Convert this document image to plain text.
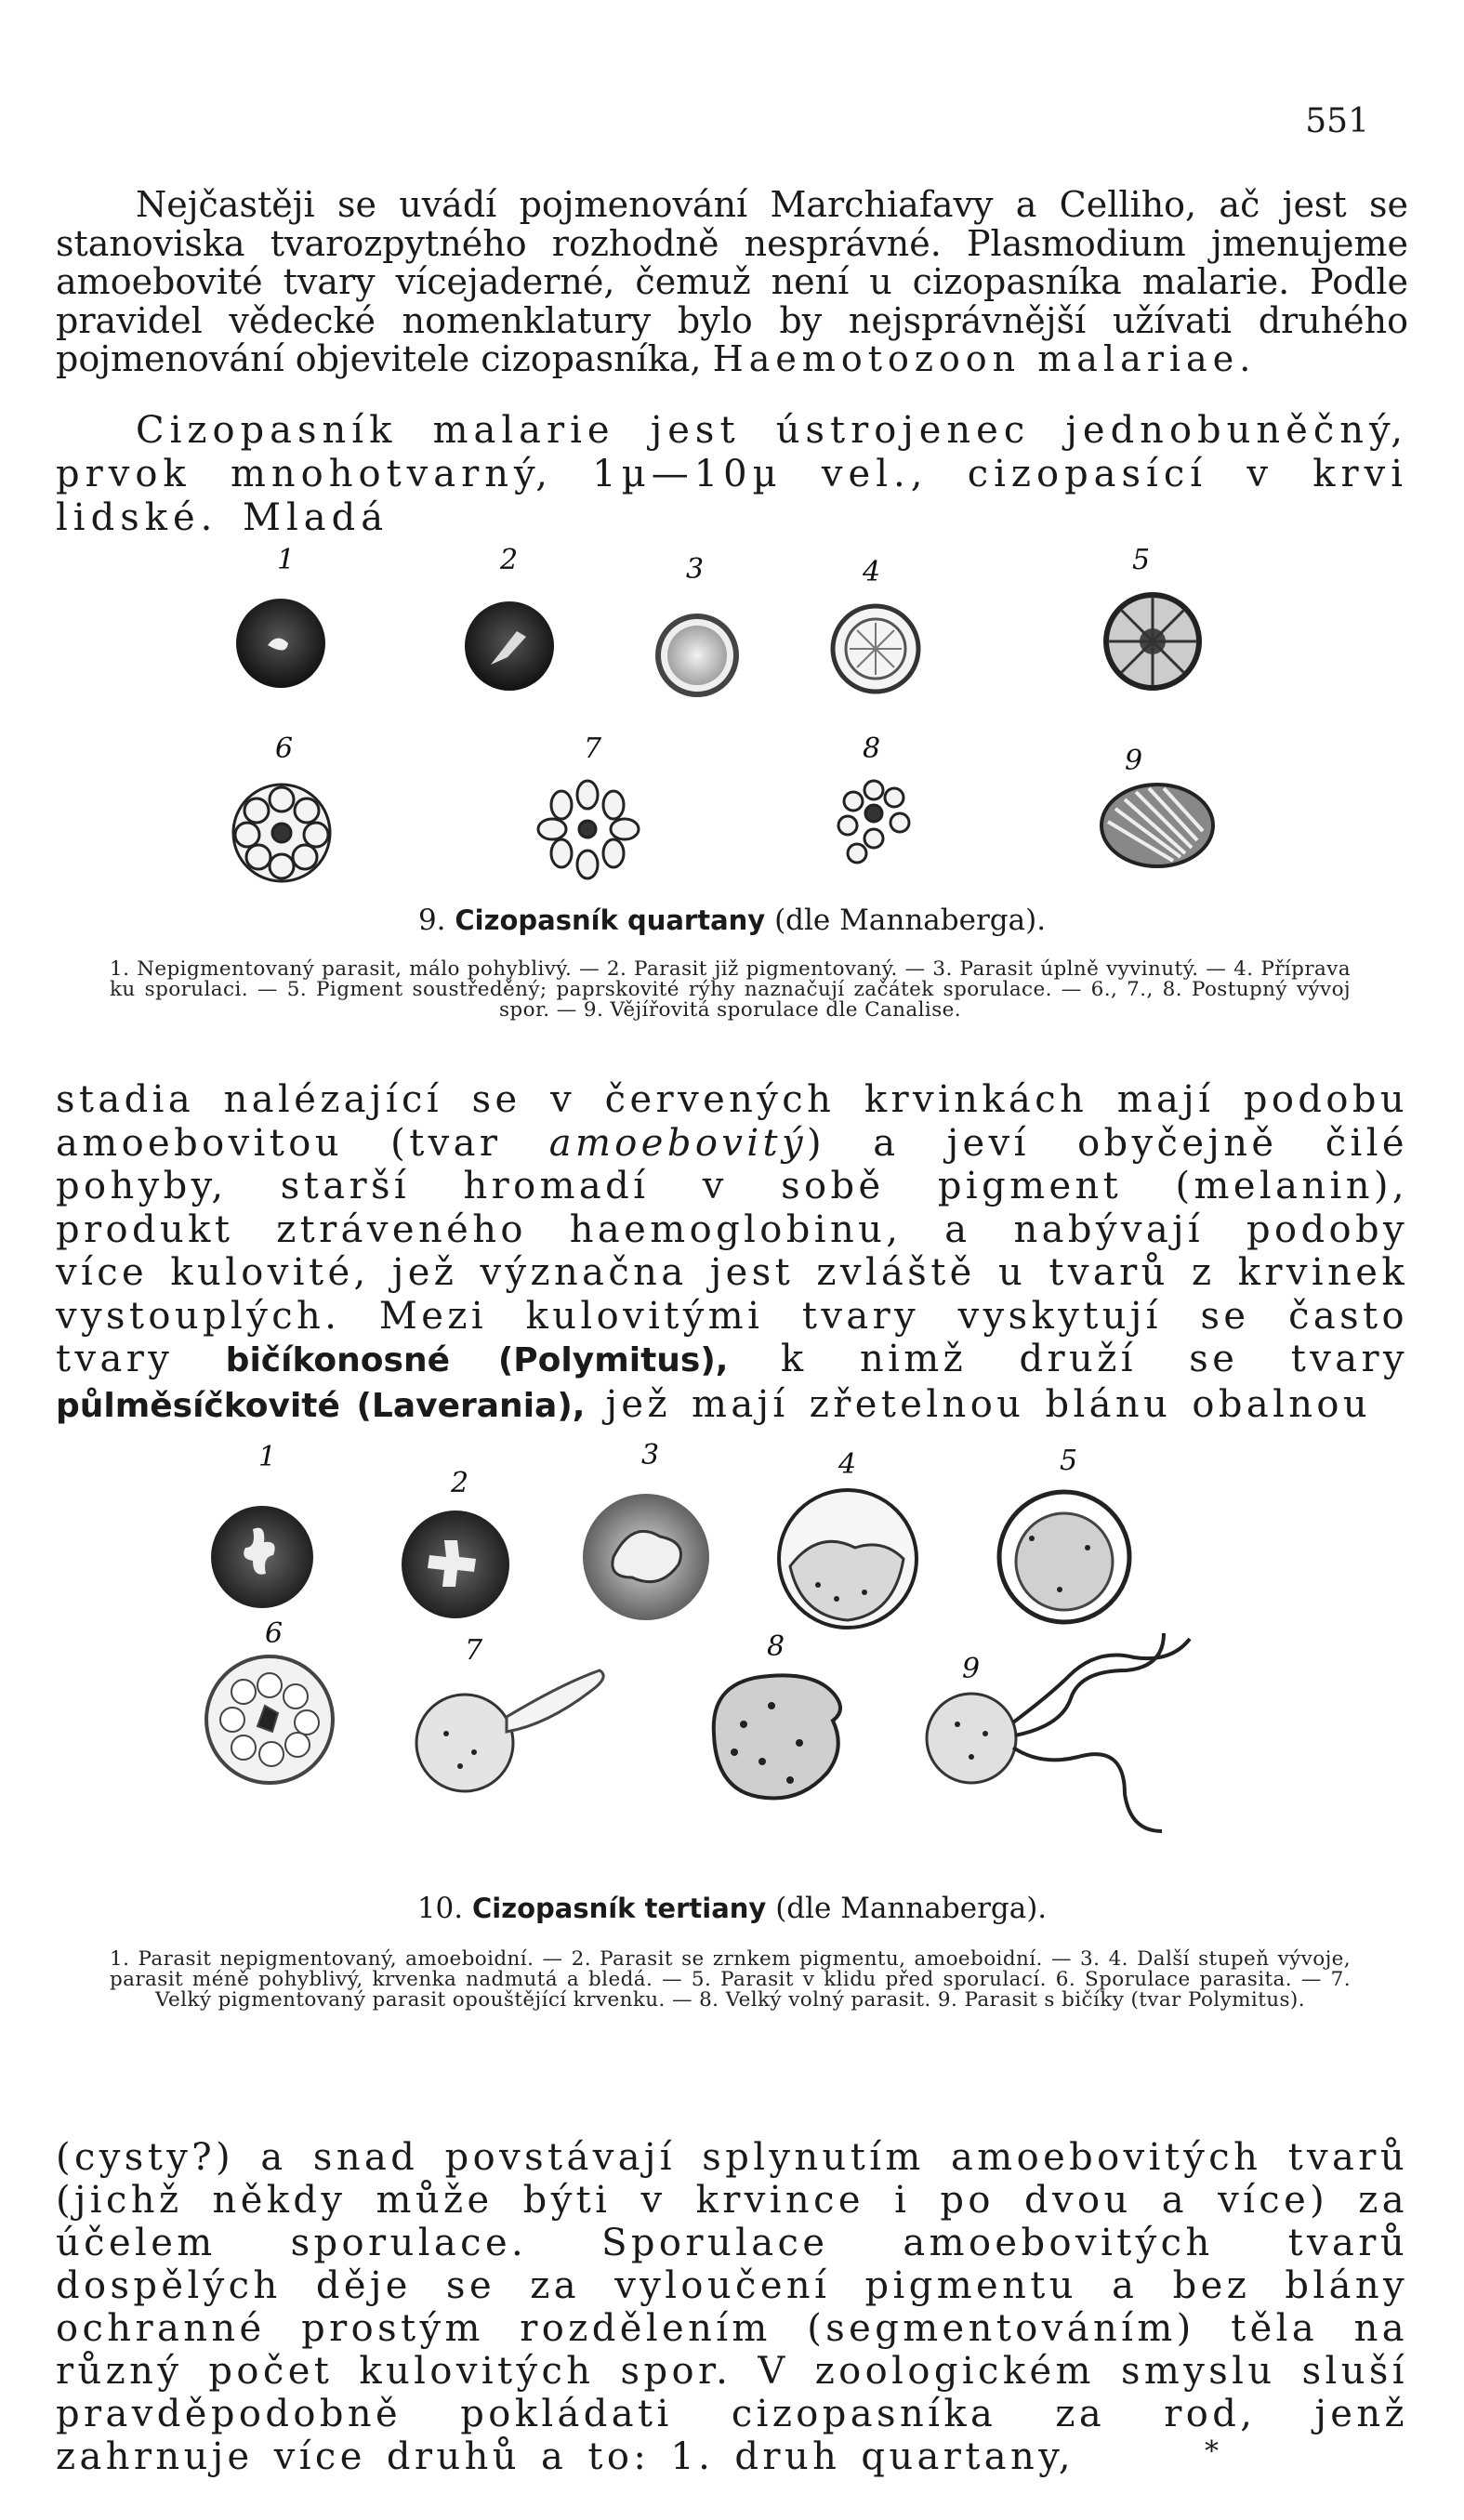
551

Nejčastěji se uvádí pojmenování Marchiafavy a Celliho, ač jest se stanoviska tvarozpytného rozhodně nesprávné. Plasmodium jmenujeme amoebovité tvary vícejaderné, čemuž není u cizopasníka malarie. Podle pravidel vědecké nomenklatury bylo by nejsprávnější užívati druhého pojmenování objevitele cizopasníka, Haemotozoon malariae.

Cizopasník malarie jest ústrojenec jednobuněčný, prvok mnohotvarný, 1µ—10µ vel., cizopasící v krvi lidské. Mladá

1	2	3	4	5
6	7	8	9
9. Cizopasník quartany (dle Mannaberga).
1. Nepigmentovaný parasit, málo pohyblivý. — 2. Parasit již pigmentovaný. — 3. Parasit úplně vyvinutý. — 4. Příprava ku sporulaci. — 5. Pigment soustředěný; paprskovité rýhy naznačují začátek sporulace. — 6., 7., 8. Postupný vývoj spor. — 9. Vějířovitá sporulace dle Canalise.

stadia nalézající se v červených krvinkách mají podobu amoebovitou (tvar amoebovitý) a jeví obyčejně čilé pohyby, starší hromadí v sobě pigment (melanin), produkt ztráveného haemoglobinu, a nabývají podoby více kulovité, jež význačna jest zvláště u tvarů z krvinek vystouplých. Mezi kulovitými tvary vyskytují se často tvary bičíkonosné (Polymitus), k nimž druží se tvary půlměsíčkovité (Laverania), jež mají zřetelnou blánu obalnou

1
2
3	4	5
6
7	8
9
10. Cizopasník tertiany (dle Mannaberga).
1. Parasit nepigmentovaný, amoeboidní. — 2. Parasit se zrnkem pigmentu, amoeboidní. — 3. 4. Další stupeň vývoje, parasit méně pohyblivý, krvenka nadmutá a bledá. — 5. Parasit v klidu před sporulací. 6. Sporulace parasita. — 7. Velký pigmentovaný parasit opouštějící krvenku. — 8. Velký volný parasit. 9. Parasit s bičíky (tvar Polymitus).

(cysty?) a snad povstávají splynutím amoebovitých tvarů (jichž někdy může býti v krvince i po dvou a více) za účelem sporulace. Sporulace amoebovitých tvarů dospělých děje se za vyloučení pigmentu a bez blány ochranné prostým rozdělením (segmentováním) těla na různý počet kulovitých spor. V zoologickém smyslu sluší pravděpodobně pokládati cizopasníka za rod, jenž zahrnuje více druhů a to: 1. druh quartany,	*
